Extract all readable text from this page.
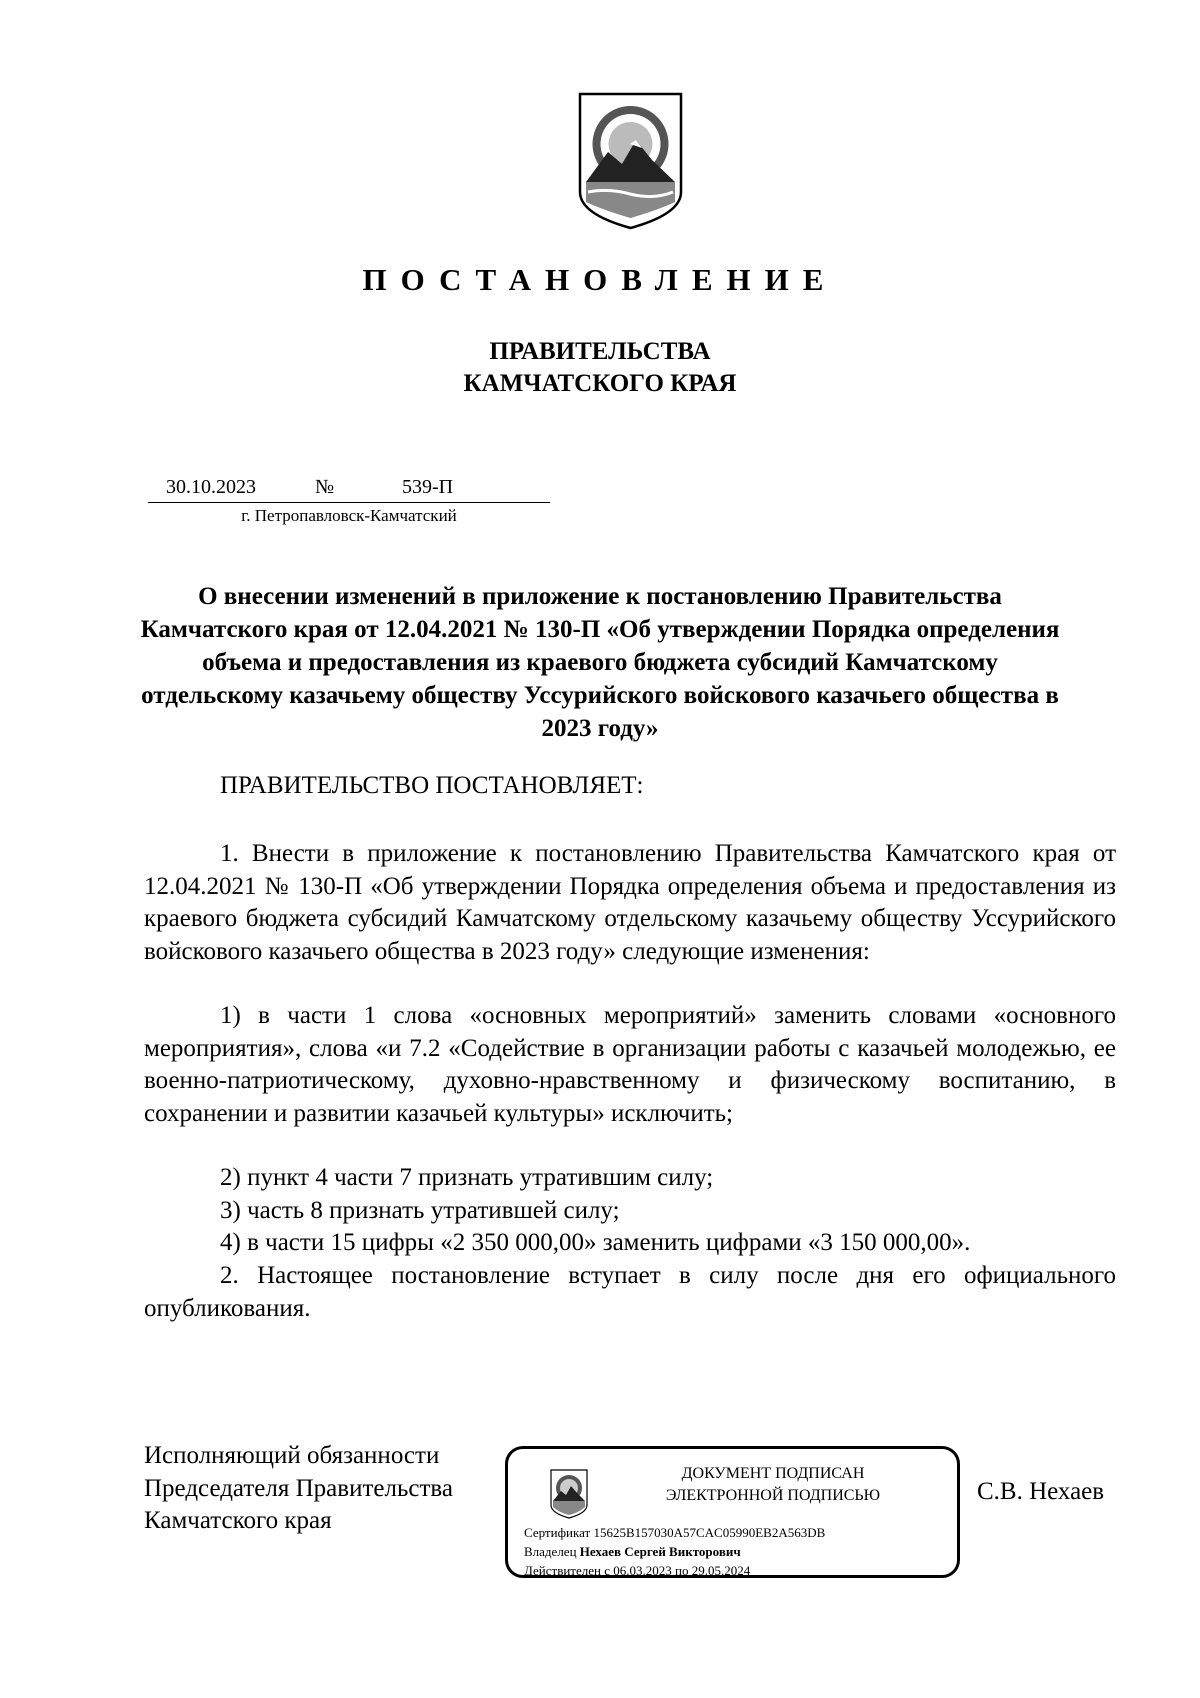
ПОСТАНОВЛЕНИЕ
ПРАВИТЕЛЬСТВА
КАМЧАТСКОГО КРАЯ
30.10.2023	№	539-П
г. Петропавловск-Камчатский
О внесении изменений в приложение к постановлению Правительства Камчатского края от 12.04.2021 № 130-П «Об утверждении Порядка определения объема и предоставления из краевого бюджета субсидий Камчатскому отдельскому казачьему обществу Уссурийского войскового казачьего общества в 2023 году»
ПРАВИТЕЛЬСТВО ПОСТАНОВЛЯЕТ:

1. Внести в приложение к постановлению Правительства Камчатского края от 12.04.2021 № 130-П «Об утверждении Порядка определения объема и предоставления из краевого бюджета субсидий Камчатскому отдельскому казачьему обществу Уссурийского войскового казачьего общества в 2023 году» следующие изменения:

1) в части 1 слова «основных мероприятий» заменить словами «основного мероприятия», слова «и 7.2 «Содействие в организации работы с казачьей молодежью, ее военно-патриотическому, духовно-нравственному и физическому воспитанию, в сохранении и развитии казачьей культуры» исключить;

2) пункт 4 части 7 признать утратившим силу;

3) часть 8 признать утратившей силу;

4) в части 15 цифры «2 350 000,00» заменить цифрами «3 150 000,00».

2. Настоящее постановление вступает в силу после дня его официального опубликования.

Исполняющий обязанности
Председателя Правительства
Камчатского края
ДОКУМЕНТ ПОДПИСАН
ЭЛЕКТРОННОЙ ПОДПИСЬЮ
Сертификат 15625B157030A57CAC05990EB2A563DB
Владелец Нехаев Сергей Викторович
Действителен с 06.03.2023 по 29.05.2024
С.В. Нехаев
